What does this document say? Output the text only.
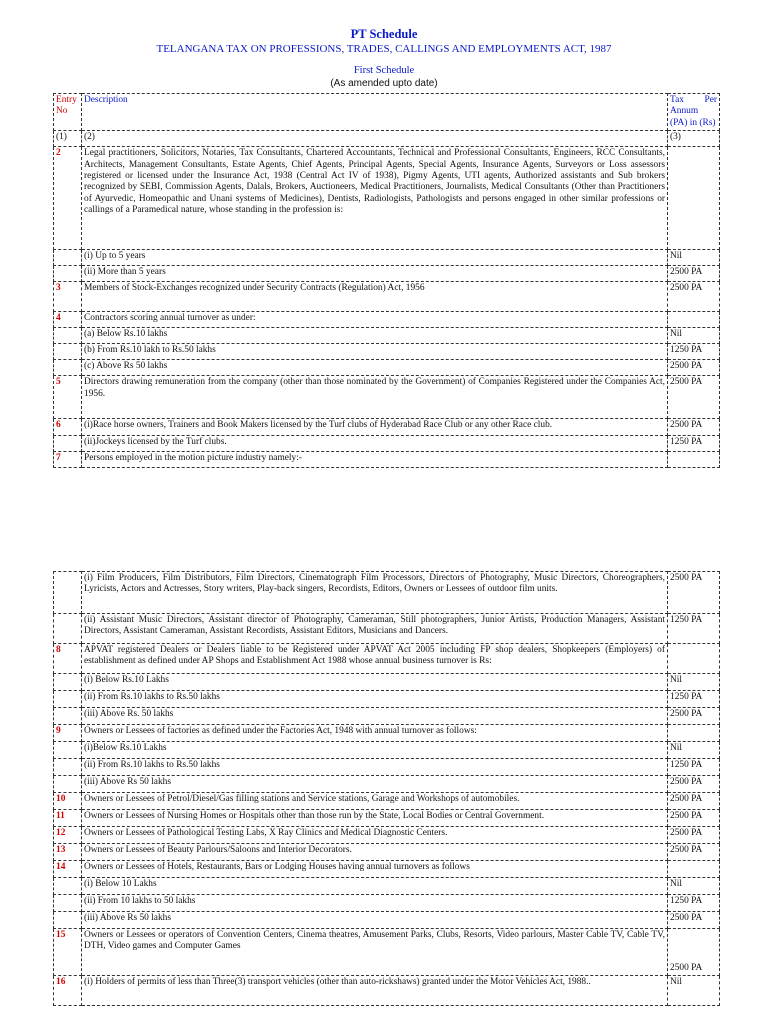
PT Schedule
TELANGANA TAX ON PROFESSIONS, TRADES, CALLINGS AND EMPLOYMENTS ACT, 1987
First Schedule
(As amended upto date)
Entry No	Description	Tax Per Annum (PA) in (Rs)
(1)	(2)	(3)
2	Legal practitioners, Solicitors, Notaries, Tax Consultants, Chartered Accountants, Technical and Professional Consultants, Engineers, RCC Consultants, Architects, Management Consultants, Estate Agents, Chief Agents, Principal Agents, Special Agents, Insurance Agents, Surveyors or Loss assessors registered or licensed under the Insurance Act, 1938 (Central Act IV of 1938), Pigmy Agents, UTI agents, Authorized assistants and Sub brokers recognized by SEBI, Commission Agents, Dalals, Brokers, Auctioneers, Medical Practitioners, Journalists, Medical Consultants (Other than Practitioners of Ayurvedic, Homeopathic and Unani systems of Medicines), Dentists, Radiologists, Pathologists and persons engaged in other similar professions or callings of a Paramedical nature, whose standing in the profession is:	
	(i) Up to 5 years	Nil
	(ii) More than 5 years	2500 PA
3	Members of Stock-Exchanges recognized under Security Contracts (Regulation) Act, 1956	2500 PA
4	Contractors scoring annual turnover as under:	
	(a) Below Rs.10 lakhs	Nil
	(b) From Rs.10 lakh to Rs.50 lakhs	1250 PA
	(c) Above Rs 50 lakhs	2500 PA
5	Directors drawing remuneration from the company (other than those nominated by the Government) of Companies Registered under the Companies Act, 1956.	2500 PA
6	(i)Race horse owners, Trainers and Book Makers licensed by the Turf clubs of Hyderabad Race Club or any other Race club.	2500 PA
	(ii)Jockeys licensed by the Turf clubs.	1250 PA
7	Persons employed in the motion picture industry namely:-	
	(i) Film Producers, Film Distributors, Film Directors, Cinematograph Film Processors, Directors of Photography, Music Directors, Choreographers, Lyricists, Actors and Actresses, Story writers, Play-back singers, Recordists, Editors, Owners or Lessees of outdoor film units.	2500 PA
	(ii) Assistant Music Directors, Assistant director of Photography, Cameraman, Still photographers, Junior Artists, Production Managers, Assistant Directors, Assistant Cameraman, Assistant Recordists, Assistant Editors, Musicians and Dancers.	1250 PA
8	APVAT registered Dealers or Dealers liable to be Registered under APVAT Act 2005 including FP shop dealers, Shopkeepers (Employers) of establishment as defined under AP Shops and Establishment Act 1988 whose annual business turnover is Rs:	
	(i) Below Rs.10 Lakhs	Nil
	(ii) From Rs.10 lakhs to Rs.50 lakhs	1250 PA
	(iii) Above Rs. 50 lakhs	2500 PA
9	Owners or Lessees of factories as defined under the Factories Act, 1948 with annual turnover as follows:	
	(i)Below Rs.10 Lakhs	Nil
	(ii) From Rs.10 lakhs to Rs.50 lakhs	1250 PA
	(iii) Above Rs 50 lakhs	2500 PA
10	Owners or Lessees of Petrol/Diesel/Gas filling stations and Service stations, Garage and Workshops of automobiles.	2500 PA
11	Owners or Lessees of Nursing Homes or Hospitals other than those run by the State, Local Bodies or Central Government.	2500 PA
12	Owners or Lessees of Pathological Testing Labs, X Ray Clinics and Medical Diagnostic Centers.	2500 PA
13	Owners or Lessees of Beauty Parlours/Saloons and Interior Decorators.	2500 PA
14	Owners or Lessees of Hotels, Restaurants, Bars or Lodging Houses having annual turnovers as follows	
	(i) Below 10 Lakhs	Nil
	(ii) From 10 lakhs to 50 lakhs	1250 PA
	(iii) Above Rs 50 lakhs	2500 PA
15	Owners or Lessees or operators of Convention Centers, Cinema theatres, Amusement Parks, Clubs, Resorts, Video parlours, Master Cable TV, Cable TV, DTH, Video games and Computer Games	2500 PA
16	(i) Holders of permits of less than Three(3) transport vehicles (other than auto-rickshaws) granted under the Motor Vehicles Act, 1988..	Nil
